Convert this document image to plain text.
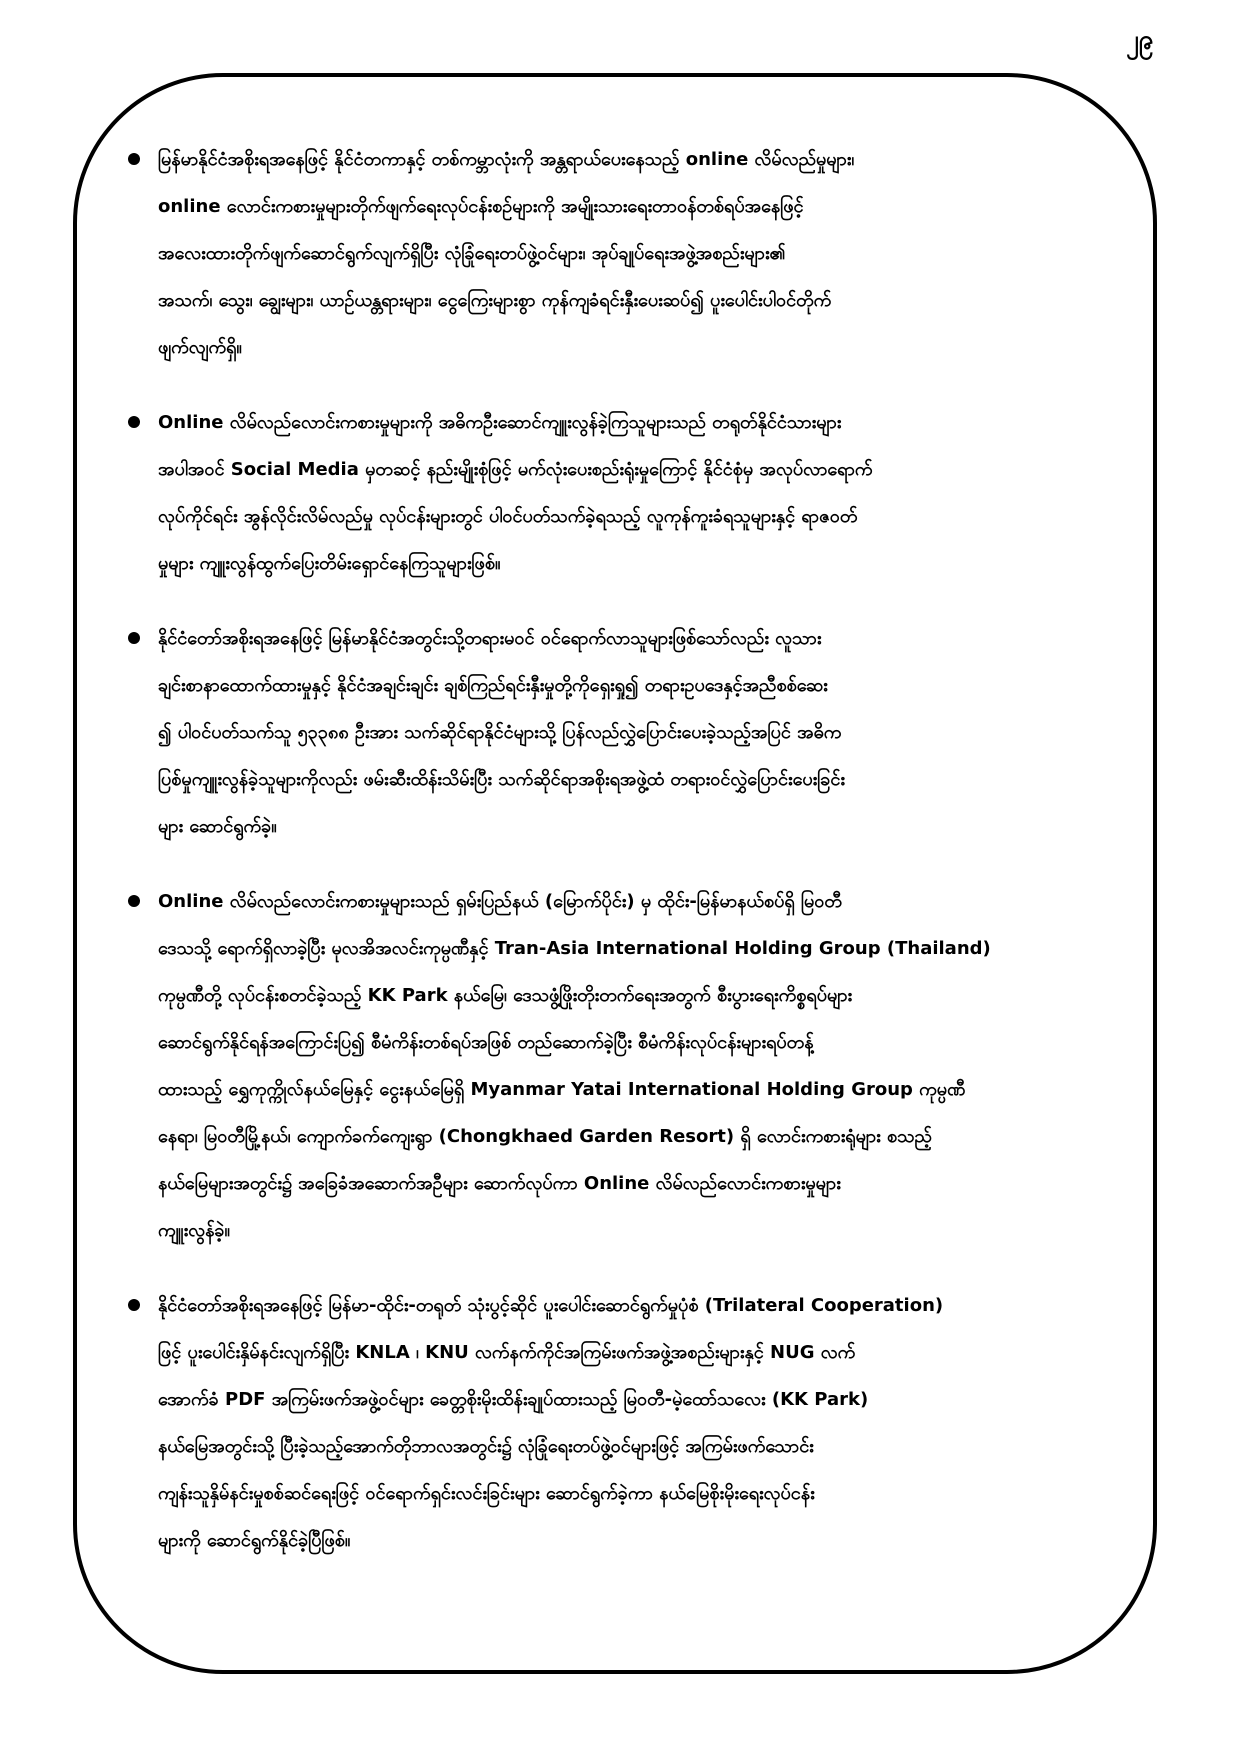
၂၉
မြန်မာနိုင်ငံအစိုးရအနေဖြင့် နိုင်ငံတကာနှင့် တစ်ကမ္ဘာလုံးကို အန္တရာယ်ပေးနေသည့် online လိမ်လည်မှုများ၊
online လောင်းကစားမှုများတိုက်ဖျက်ရေးလုပ်ငန်းစဉ်များကို အမျိုးသားရေးတာဝန်တစ်ရပ်အနေဖြင့်
အလေးထားတိုက်ဖျက်ဆောင်ရွက်လျက်ရှိပြီး လုံခြုံရေးတပ်ဖွဲ့ဝင်များ၊ အုပ်ချုပ်ရေးအဖွဲ့အစည်းများ၏
အသက်၊ သွေး၊ ချွေးများ၊ ယာဉ်ယန္တရားများ၊ ငွေကြေးများစွာ ကုန်ကျခံရင်းနှီးပေးဆပ်၍ ပူးပေါင်းပါဝင်တိုက်
ဖျက်လျက်ရှိ။
Online လိမ်လည်လောင်းကစားမှုများကို အဓိကဦးဆောင်ကျူးလွန်ခဲ့ကြသူများသည် တရုတ်နိုင်ငံသားများ
အပါအဝင် Social Media မှတဆင့် နည်းမျိုးစုံဖြင့် မက်လုံးပေးစည်းရုံးမှုကြောင့် နိုင်ငံစုံမှ အလုပ်လာရောက်
လုပ်ကိုင်ရင်း အွန်လိုင်းလိမ်လည်မှု လုပ်ငန်းများတွင် ပါဝင်ပတ်သက်ခဲ့ရသည့် လူကုန်ကူးခံရသူများနှင့် ရာဇဝတ်
မှုများ ကျူးလွန်ထွက်ပြေးတိမ်းရှောင်နေကြသူများဖြစ်။
နိုင်ငံတော်အစိုးရအနေဖြင့် မြန်မာနိုင်ငံအတွင်းသို့တရားမဝင် ဝင်ရောက်လာသူများဖြစ်သော်လည်း လူသား
ချင်းစာနာထောက်ထားမှုနှင့် နိုင်ငံအချင်းချင်း ချစ်ကြည်ရင်းနှီးမှုတို့ကိုရှေးရှု၍ တရားဥပဒေနှင့်အညီစစ်ဆေး
၍ ပါဝင်ပတ်သက်သူ ၅၃၃၈၈ ဦးအား သက်ဆိုင်ရာနိုင်ငံများသို့ ပြန်လည်လွှဲပြောင်းပေးခဲ့သည့်အပြင် အဓိက
ပြစ်မှုကျူးလွန်ခဲ့သူများကိုလည်း ဖမ်းဆီးထိန်းသိမ်းပြီး သက်ဆိုင်ရာအစိုးရအဖွဲ့ထံ တရားဝင်လွှဲပြောင်းပေးခြင်း
များ ဆောင်ရွက်ခဲ့။
Online လိမ်လည်လောင်းကစားမှုများသည် ရှမ်းပြည်နယ် (မြောက်ပိုင်း) မှ ထိုင်း-မြန်မာနယ်စပ်ရှိ မြဝတီ
ဒေသသို့ ရောက်ရှိလာခဲ့ပြီး မုလအိအလင်းကုမ္ပဏီနှင့် Tran-Asia International Holding Group (Thailand)
ကုမ္ပဏီတို့ လုပ်ငန်းစတင်ခဲ့သည့် KK Park နယ်မြေ၊ ဒေသဖွံ့ဖြိုးတိုးတက်ရေးအတွက် စီးပွားရေးကိစ္စရပ်များ
ဆောင်ရွက်နိုင်ရန်အကြောင်းပြ၍ စီမံကိန်းတစ်ရပ်အဖြစ် တည်ဆောက်ခဲ့ပြီး စီမံကိန်းလုပ်ငန်းများရပ်တန့်
ထားသည့် ရွှေကုက္ကိုလ်နယ်မြေနှင့် ငွေးနယ်မြေရှိ Myanmar Yatai International Holding Group ကုမ္ပဏီ
နေရာ၊ မြဝတီမြို့နယ်၊ ကျောက်ခက်ကျေးရွာ (Chongkhaed Garden Resort) ရှိ လောင်းကစားရုံများ စသည့်
နယ်မြေများအတွင်း၌ အခြေခံအဆောက်အဦများ ဆောက်လုပ်ကာ Online လိမ်လည်လောင်းကစားမှုများ
ကျူးလွန်ခဲ့။
နိုင်ငံတော်အစိုးရအနေဖြင့် မြန်မာ-ထိုင်း-တရုတ် သုံးပွင့်ဆိုင် ပူးပေါင်းဆောင်ရွက်မှုပုံစံ (Trilateral Cooperation)
ဖြင့် ပူးပေါင်းနှိမ်နင်းလျက်ရှိပြီး KNLA ၊ KNU လက်နက်ကိုင်အကြမ်းဖက်အဖွဲ့အစည်းများနှင့် NUG လက်
အောက်ခံ PDF အကြမ်းဖက်အဖွဲ့ဝင်များ ခေတ္တစိုးမိုးထိန်းချုပ်ထားသည့် မြဝတီ-မဲ့ထော်သလေး (KK Park)
နယ်မြေအတွင်းသို့ ပြီးခဲ့သည့်အောက်တိုဘာလအတွင်း၌ လုံခြုံရေးတပ်ဖွဲ့ဝင်များဖြင့် အကြမ်းဖက်သောင်း
ကျန်းသူနှိမ်နင်းမှုစစ်ဆင်ရေးဖြင့် ဝင်ရောက်ရှင်းလင်းခြင်းများ ဆောင်ရွက်ခဲ့ကာ နယ်မြေစိုးမိုးရေးလုပ်ငန်း
များကို ဆောင်ရွက်နိုင်ခဲ့ပြီဖြစ်။
